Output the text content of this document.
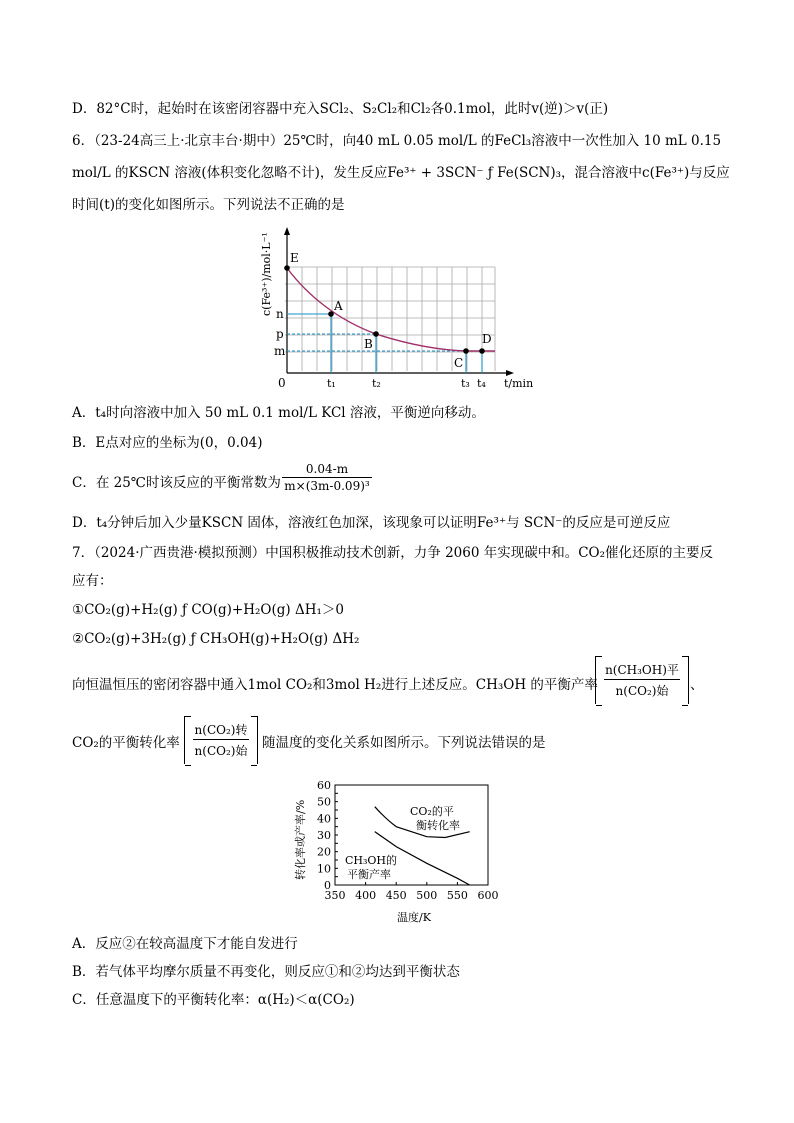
D．82°C时，起始时在该密闭容器中充入SCl₂、S₂Cl₂和Cl₂各0.1mol，此时v(逆)＞v(正)
6．（23-24高三上·北京丰台·期中）25℃时，向40 mL 0.05 mol/L 的FeCl₃溶液中一次性加入 10 mL 0.15
mol/L 的KSCN 溶液(体积变化忽略不计)，发生反应Fe³⁺ + 3SCN⁻ ƒ Fe(SCN)₃，混合溶液中c(Fe³⁺)与反应
时间(t)的变化如图所示。下列说法不正确的是
E
A
B
C
D
n
p
m
0	t₁	t₂	t₃ t₄ t/min
c(Fe³⁺)/mol·L⁻¹
A．t₄时向溶液中加入 50 mL 0.1 mol/L KCl 溶液，平衡逆向移动。
B．E点对应的坐标为(0，0.04)
C．在 25℃时该反应的平衡常数为 $\frac{0.04-m}{\text{m×(3m-0.09)³}}$
D．t₄分钟后加入少量KSCN 固体，溶液红色加深，该现象可以证明Fe³⁺与 SCN⁻的反应是可逆反应
7．（2024·广西贵港·模拟预测）中国积极推动技术创新，力争 2060 年实现碳中和。CO₂催化还原的主要反
应有：
①CO₂(g)+H₂(g) ƒ CO(g)+H₂O(g) ΔH₁＞0
②CO₂(g)+3H₂(g) ƒ CH₃OH(g)+H₂O(g) ΔH₂
向恒温恒压的密闭容器中通入1mol CO₂和3mol H₂进行上述反应。CH₃OH 的平衡产率
n(CH₃OH)平
n(CO₂)始	、
CO₂的平衡转化率
n(CO₂)转
n(CO₂)始	随温度的变化关系如图所示。下列说法错误的是
0
10
20
30
40
50
60
350 400 450 500 550 600
CO₂的平
衡转化率
CH₃OH的
平衡产率
温度/K
转化率或产率/%
A．反应②在较高温度下才能自发进行
B．若气体平均摩尔质量不再变化，则反应①和②均达到平衡状态
C．任意温度下的平衡转化率：α(H₂)＜α(CO₂)
